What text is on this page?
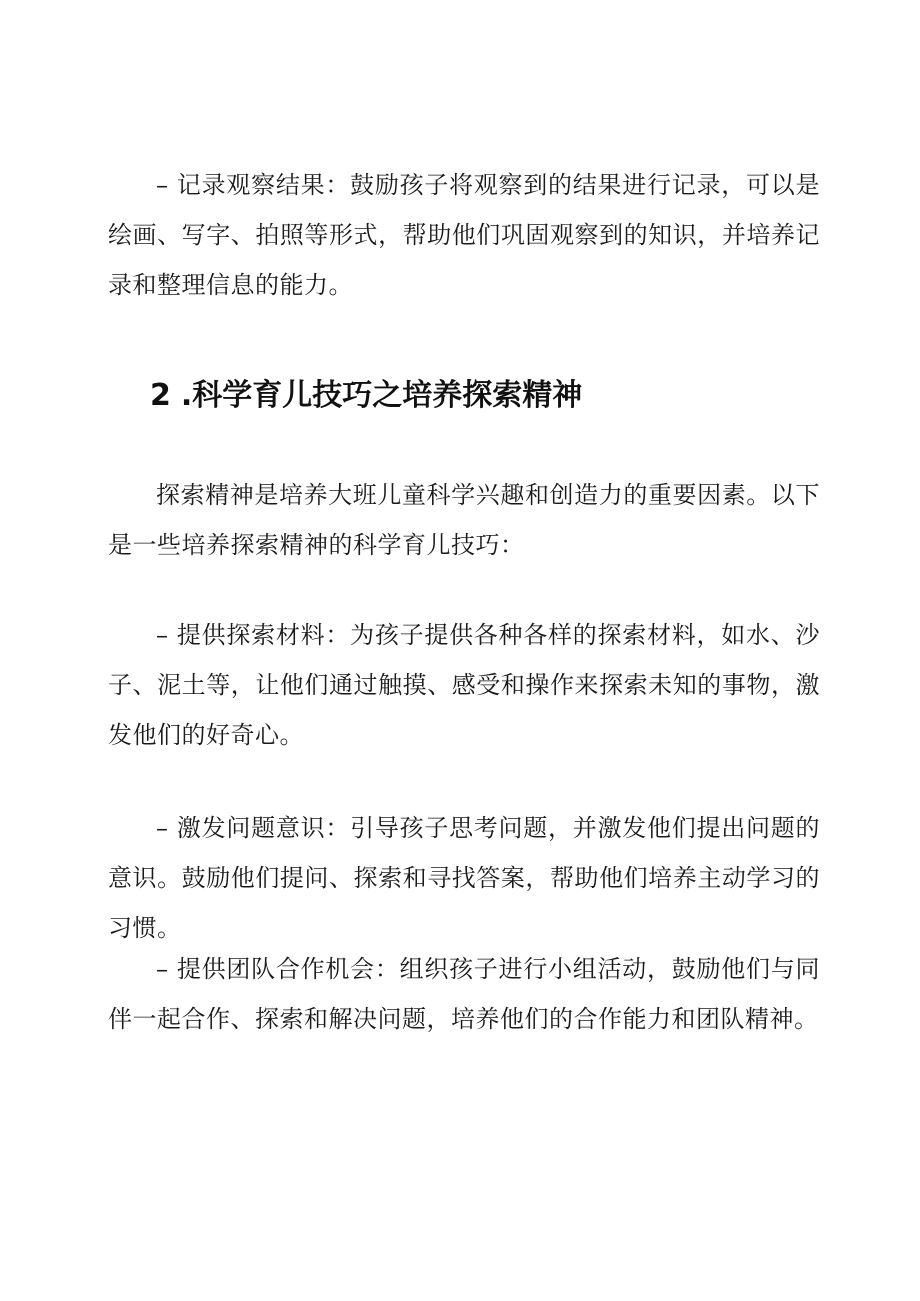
– 记录观察结果：鼓励孩子将观察到的结果进行记录，可以是绘画、写字、拍照等形式，帮助他们巩固观察到的知识，并培养记录和整理信息的能力。

2 .科学育儿技巧之培养探索精神

探索精神是培养大班儿童科学兴趣和创造力的重要因素。以下是一些培养探索精神的科学育儿技巧：

– 提供探索材料：为孩子提供各种各样的探索材料，如水、沙子、泥土等，让他们通过触摸、感受和操作来探索未知的事物，激发他们的好奇心。

– 激发问题意识：引导孩子思考问题，并激发他们提出问题的意识。鼓励他们提问、探索和寻找答案，帮助他们培养主动学习的习惯。

– 提供团队合作机会：组织孩子进行小组活动，鼓励他们与同伴一起合作、探索和解决问题，培养他们的合作能力和团队精神。
